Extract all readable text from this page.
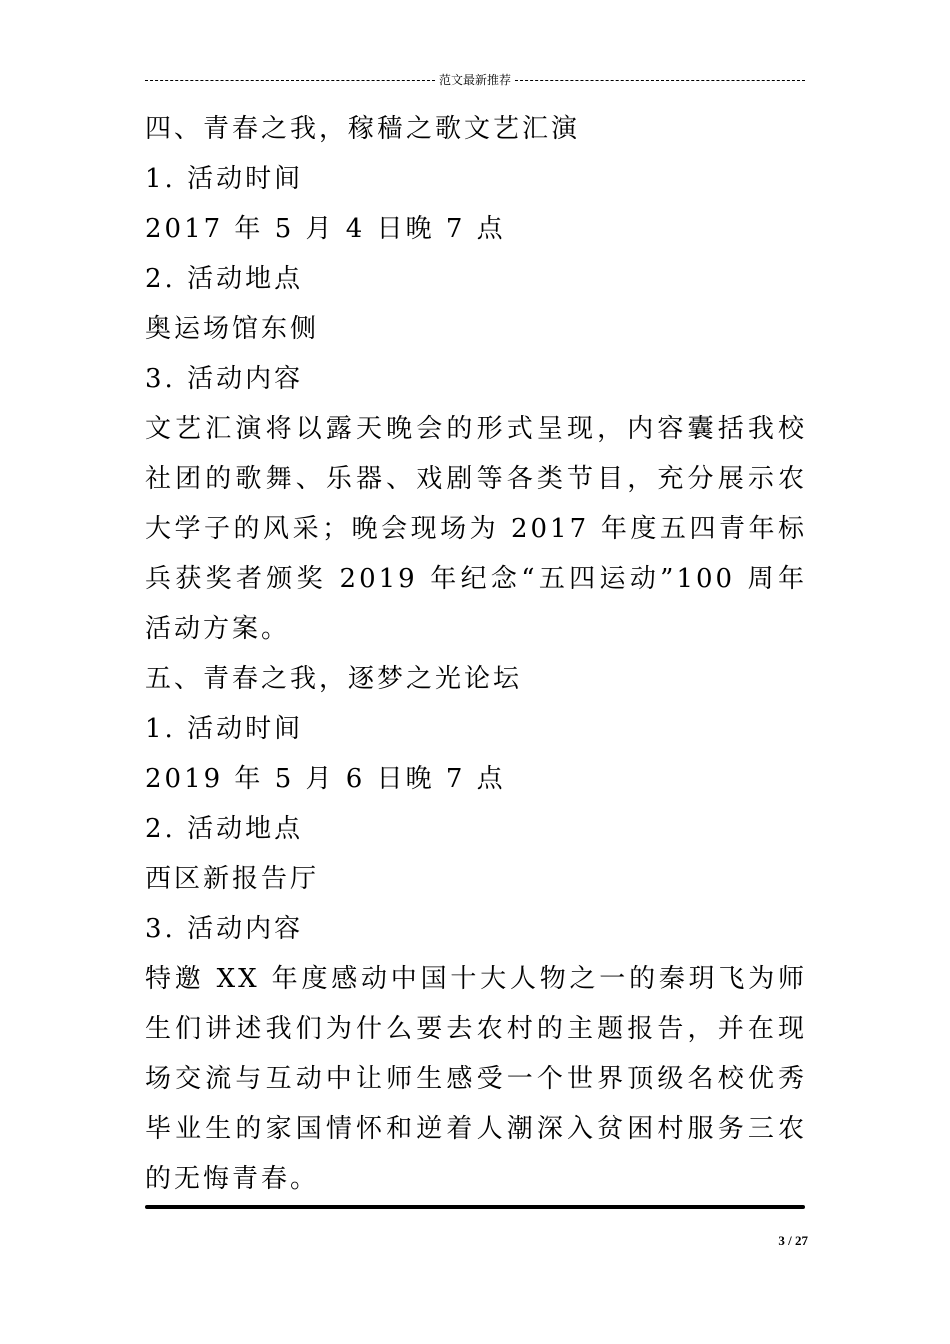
范文最新推荐
四、青春之我，稼穑之歌文艺汇演
1. 活动时间
2017 年 5 月 4 日晚 7 点
2. 活动地点
奥运场馆东侧
3. 活动内容
文艺汇演将以露天晚会的形式呈现，内容囊括我校社团的歌舞、乐器、戏剧等各类节目，充分展示农大学子的风采；晚会现场为 2017 年度五四青年标兵获奖者颁奖 2019 年纪念“五四运动”100 周年活动方案。
五、青春之我，逐梦之光论坛
1. 活动时间
2019 年 5 月 6 日晚 7 点
2. 活动地点
西区新报告厅
3. 活动内容
特邀 XX 年度感动中国十大人物之一的秦玥飞为师生们讲述我们为什么要去农村的主题报告，并在现场交流与互动中让师生感受一个世界顶级名校优秀毕业生的家国情怀和逆着人潮深入贫困村服务三农的无悔青春。
3 / 27
